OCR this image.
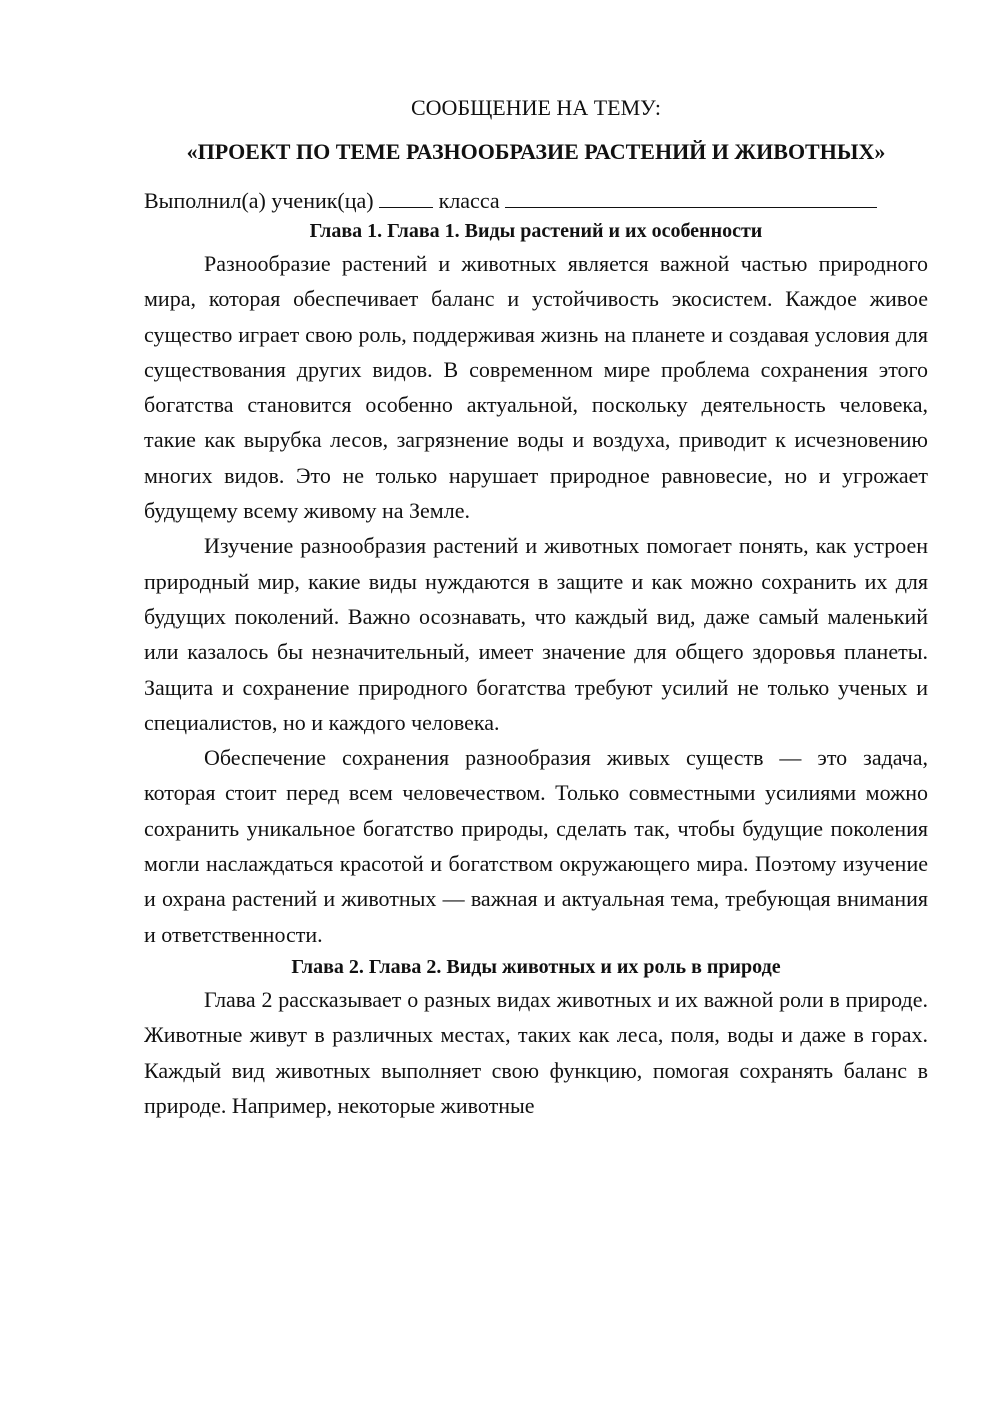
СООБЩЕНИЕ НА ТЕМУ:

«ПРОЕКТ ПО ТЕМЕ РАЗНООБРАЗИЕ РАСТЕНИЙ И ЖИВОТНЫХ»

Выполнил(а) ученик(ца)	класса

Глава 1. Глава 1. Виды растений и их особенности

Разнообразие растений и животных является важной частью природного мира, которая обеспечивает баланс и устойчивость экосистем. Каждое живое существо играет свою роль, поддерживая жизнь на планете и создавая условия для существования других видов. В современном мире проблема сохранения этого богатства становится особенно актуальной, поскольку деятельность человека, такие как вырубка лесов, загрязнение воды и воздуха, приводит к исчезновению многих видов. Это не только нарушает природное равновесие, но и угрожает будущему всему живому на Земле.

Изучение разнообразия растений и животных помогает понять, как устроен природный мир, какие виды нуждаются в защите и как можно сохранить их для будущих поколений. Важно осознавать, что каждый вид, даже самый маленький или казалось бы незначительный, имеет значение для общего здоровья планеты. Защита и сохранение природного богатства требуют усилий не только ученых и специалистов, но и каждого человека.

Обеспечение сохранения разнообразия живых существ — это задача, которая стоит перед всем человечеством. Только совместными усилиями можно сохранить уникальное богатство природы, сделать так, чтобы будущие поколения могли наслаждаться красотой и богатством окружающего мира. Поэтому изучение и охрана растений и животных — важная и актуальная тема, требующая внимания и ответственности.

Глава 2. Глава 2. Виды животных и их роль в природе

Глава 2 рассказывает о разных видах животных и их важной роли в природе. Животные живут в различных местах, таких как леса, поля, воды и даже в горах. Каждый вид животных выполняет свою функцию, помогая сохранять баланс в природе. Например, некоторые животные
